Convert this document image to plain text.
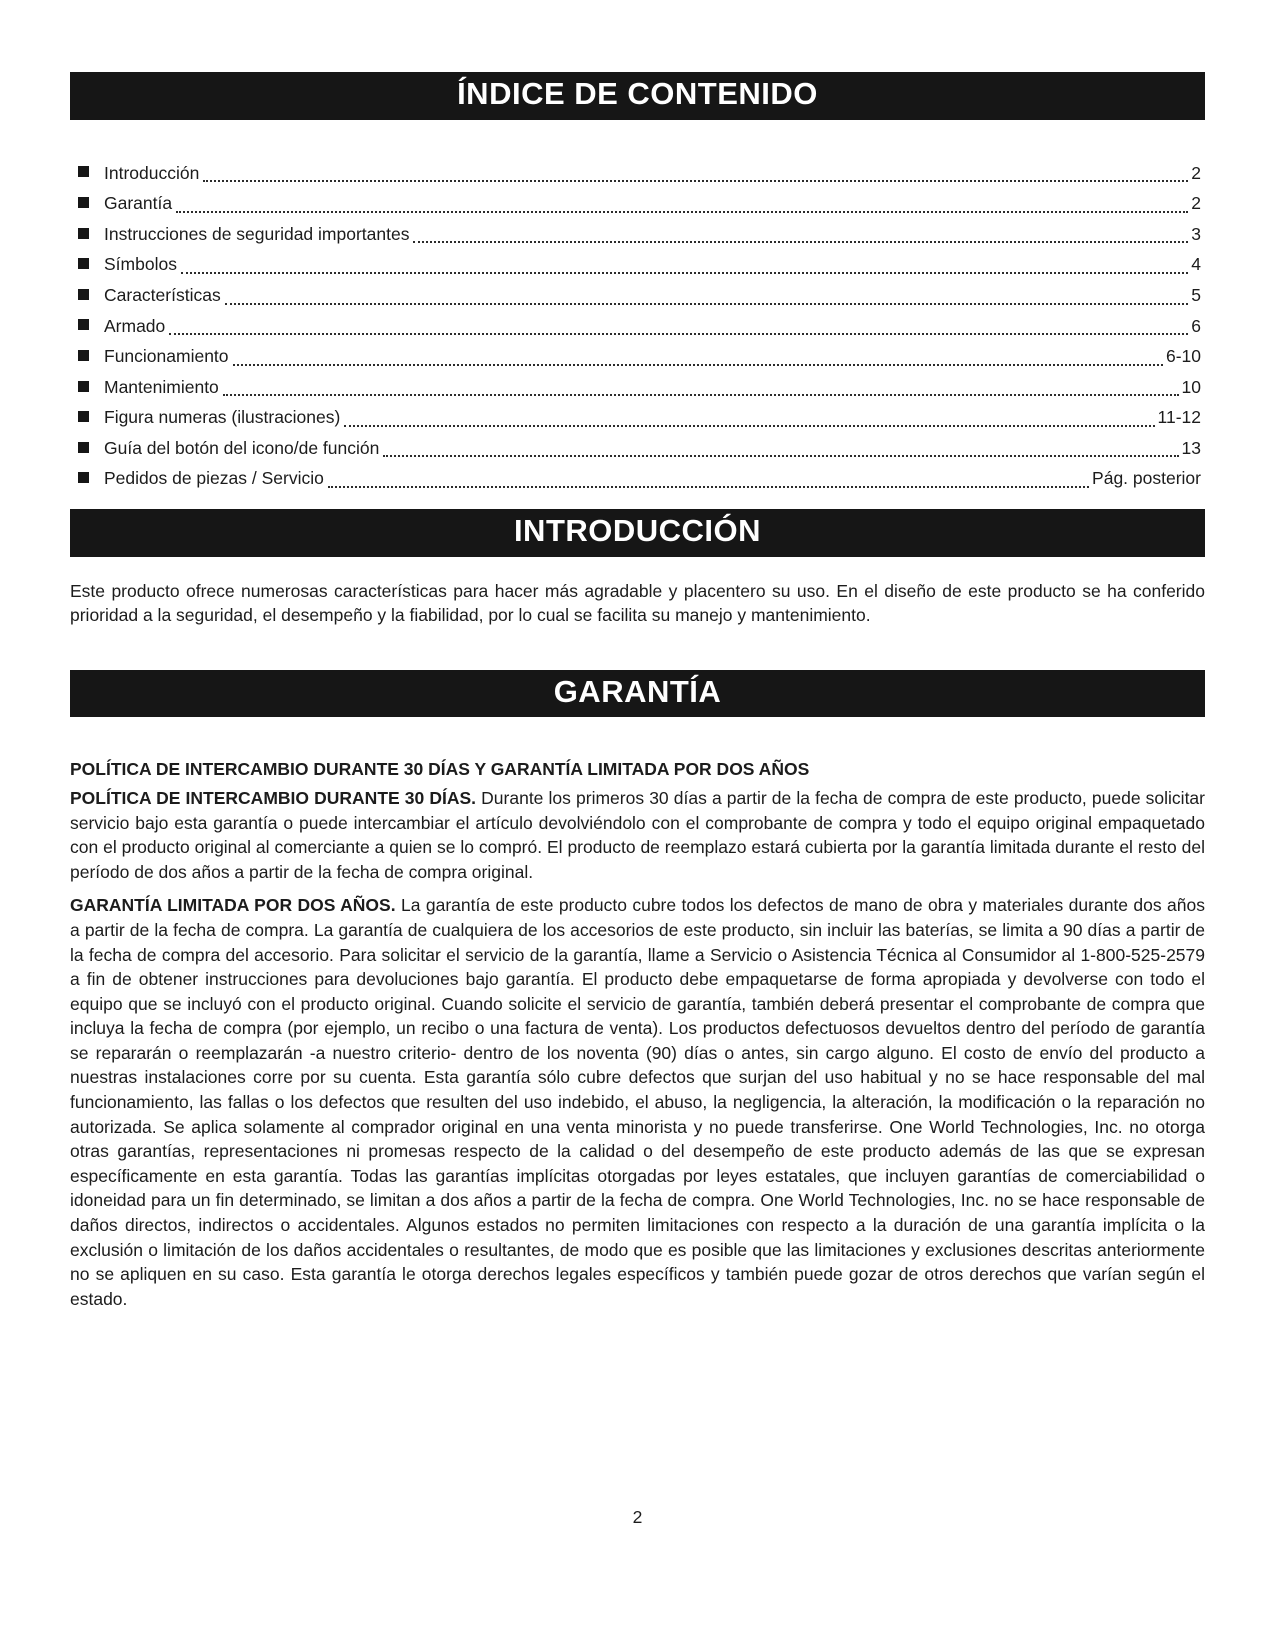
ÍNDICE DE CONTENIDO
Introducción	2
Garantía	2
Instrucciones de seguridad importantes	3
Símbolos	4
Características	5
Armado	6
Funcionamiento	6-10
Mantenimiento	10
Figura numeras (ilustraciones)	11-12
Guía del botón del icono/de función	13
Pedidos de piezas / Servicio	Pág. posterior
INTRODUCCIÓN

Este producto ofrece numerosas características para hacer más agradable y placentero su uso. En el diseño de este producto se ha conferido prioridad a la seguridad, el desempeño y la fiabilidad, por lo cual se facilita su manejo y mantenimiento.

GARANTÍA
POLÍTICA DE INTERCAMBIO DURANTE 30 DÍAS Y GARANTÍA LIMITADA POR DOS AÑOS

POLÍTICA DE INTERCAMBIO DURANTE 30 DÍAS. Durante los primeros 30 días a partir de la fecha de compra de este producto, puede solicitar servicio bajo esta garantía o puede intercambiar el artículo devolviéndolo con el comprobante de compra y todo el equipo original empaquetado con el producto original al comerciante a quien se lo compró. El producto de reemplazo estará cubierta por la garantía limitada durante el resto del período de dos años a partir de la fecha de compra original.

GARANTÍA LIMITADA POR DOS AÑOS. La garantía de este producto cubre todos los defectos de mano de obra y materiales durante dos años a partir de la fecha de compra. La garantía de cualquiera de los accesorios de este producto, sin incluir las baterías, se limita a 90 días a partir de la fecha de compra del accesorio. Para solicitar el servicio de la garantía, llame a Servicio o Asistencia Técnica al Consumidor al 1-800-525-2579 a fin de obtener instrucciones para devoluciones bajo garantía. El producto debe empaquetarse de forma apropiada y devolverse con todo el equipo que se incluyó con el producto original. Cuando solicite el servicio de garantía, también deberá presentar el comprobante de compra que incluya la fecha de compra (por ejemplo, un recibo o una factura de venta). Los productos defectuosos devueltos dentro del período de garantía se repararán o reemplazarán -a nuestro criterio- dentro de los noventa (90) días o antes, sin cargo alguno. El costo de envío del producto a nuestras instalaciones corre por su cuenta. Esta garantía sólo cubre defectos que surjan del uso habitual y no se hace responsable del mal funcionamiento, las fallas o los defectos que resulten del uso indebido, el abuso, la negligencia, la alteración, la modificación o la reparación no autorizada. Se aplica solamente al comprador original en una venta minorista y no puede transferirse. One World Technologies, Inc. no otorga otras garantías, representaciones ni promesas respecto de la calidad o del desempeño de este producto además de las que se expresan específicamente en esta garantía. Todas las garantías implícitas otorgadas por leyes estatales, que incluyen garantías de comerciabilidad o idoneidad para un fin determinado, se limitan a dos años a partir de la fecha de compra. One World Technologies, Inc. no se hace responsable de daños directos, indirectos o accidentales. Algunos estados no permiten limitaciones con respecto a la duración de una garantía implícita o la exclusión o limitación de los daños accidentales o resultantes, de modo que es posible que las limitaciones y exclusiones descritas anteriormente no se apliquen en su caso. Esta garantía le otorga derechos legales específicos y también puede gozar de otros derechos que varían según el estado.

2
